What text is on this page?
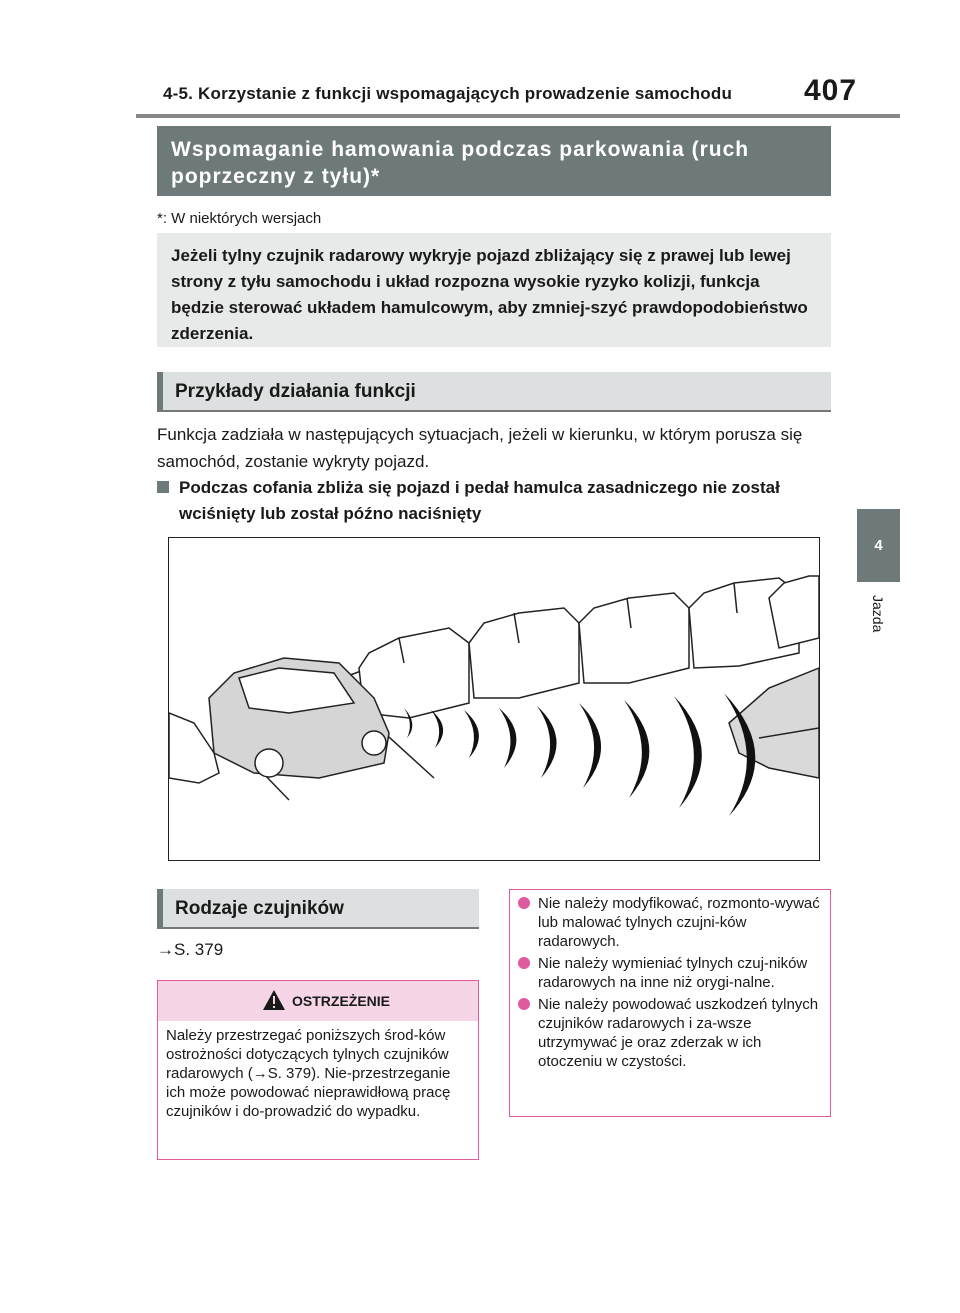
4-5. Korzystanie z funkcji wspomagających prowadzenie samochodu 407
4
Jazda
Wspomaganie hamowania podczas parkowania (ruch poprzeczny z tyłu)*
*: W niektórych wersjach
Jeżeli tylny czujnik radarowy wykryje pojazd zbliżający się z prawej lub lewej strony z tyłu samochodu i układ rozpozna wysokie ryzyko kolizji, funkcja będzie sterować układem hamulcowym, aby zmniej-szyć prawdopodobieństwo zderzenia.
Przykłady działania funkcji
Funkcja zadziała w następujących sytuacjach, jeżeli w kierunku, w którym porusza się samochód, zostanie wykryty pojazd.
Podczas cofania zbliża się pojazd i pedał hamulca zasadniczego nie został wciśnięty lub został późno naciśnięty
Rodzaje czujników
→S. 379
OSTRZEŻENIE
Należy przestrzegać poniższych środ-ków ostrożności dotyczących tylnych czujników radarowych (→S. 379). Nie-przestrzeganie ich może powodować nieprawidłową pracę czujników i do-prowadzić do wypadku.
Nie należy modyfikować, rozmonto-wywać lub malować tylnych czujni-ków radarowych.
Nie należy wymieniać tylnych czuj-ników radarowych na inne niż orygi-nalne.
Nie należy powodować uszkodzeń tylnych czujników radarowych i za-wsze utrzymywać je oraz zderzak w ich otoczeniu w czystości.
